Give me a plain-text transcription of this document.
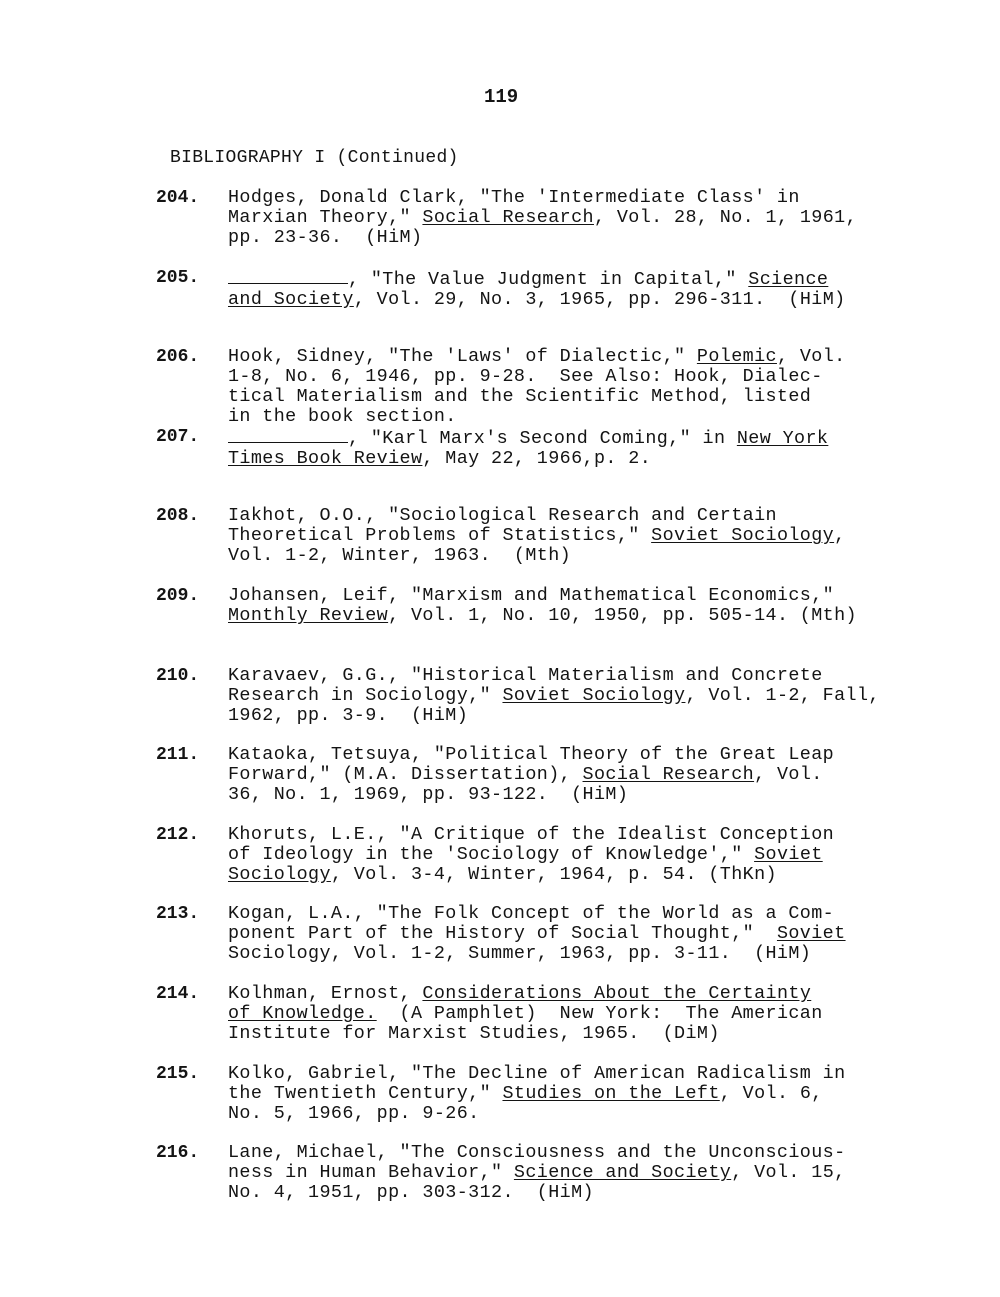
119
BIBLIOGRAPHY I (Continued)
204. Hodges, Donald Clark, "The 'Intermediate Class' in
Marxian Theory," Social Research, Vol. 28, No. 1, 1961,
pp. 23-36.  (HiM)
205.	, "The Value Judgment in Capital," Science
and Society, Vol. 29, No. 3, 1965, pp. 296-311.  (HiM)
206. Hook, Sidney, "The 'Laws' of Dialectic," Polemic, Vol.
1-8, No. 6, 1946, pp. 9-28.  See Also: Hook, Dialec-
tical Materialism and the Scientific Method, listed
in the book section.
207.	, "Karl Marx's Second Coming," in New York
Times Book Review, May 22, 1966,p. 2.
208. Iakhot, O.O., "Sociological Research and Certain
Theoretical Problems of Statistics," Soviet Sociology,
Vol. 1-2, Winter, 1963.  (Mth)
209. Johansen, Leif, "Marxism and Mathematical Economics,"
Monthly Review, Vol. 1, No. 10, 1950, pp. 505-14. (Mth)
210. Karavaev, G.G., "Historical Materialism and Concrete
Research in Sociology," Soviet Sociology, Vol. 1-2, Fall,
1962, pp. 3-9.  (HiM)
211. Kataoka, Tetsuya, "Political Theory of the Great Leap
Forward," (M.A. Dissertation), Social Research, Vol.
36, No. 1, 1969, pp. 93-122.  (HiM)
212. Khoruts, L.E., "A Critique of the Idealist Conception
of Ideology in the 'Sociology of Knowledge'," Soviet
Sociology, Vol. 3-4, Winter, 1964, p. 54. (ThKn)
213. Kogan, L.A., "The Folk Concept of the World as a Com-
ponent Part of the History of Social Thought,"  Soviet
Sociology, Vol. 1-2, Summer, 1963, pp. 3-11.  (HiM)
214. Kolhman, Ernost, Considerations About the Certainty
of Knowledge.  (A Pamphlet)  New York:  The American
Institute for Marxist Studies, 1965.  (DiM)
215. Kolko, Gabriel, "The Decline of American Radicalism in
the Twentieth Century," Studies on the Left, Vol. 6,
No. 5, 1966, pp. 9-26.
216. Lane, Michael, "The Consciousness and the Unconscious-
ness in Human Behavior," Science and Society, Vol. 15,
No. 4, 1951, pp. 303-312.  (HiM)
